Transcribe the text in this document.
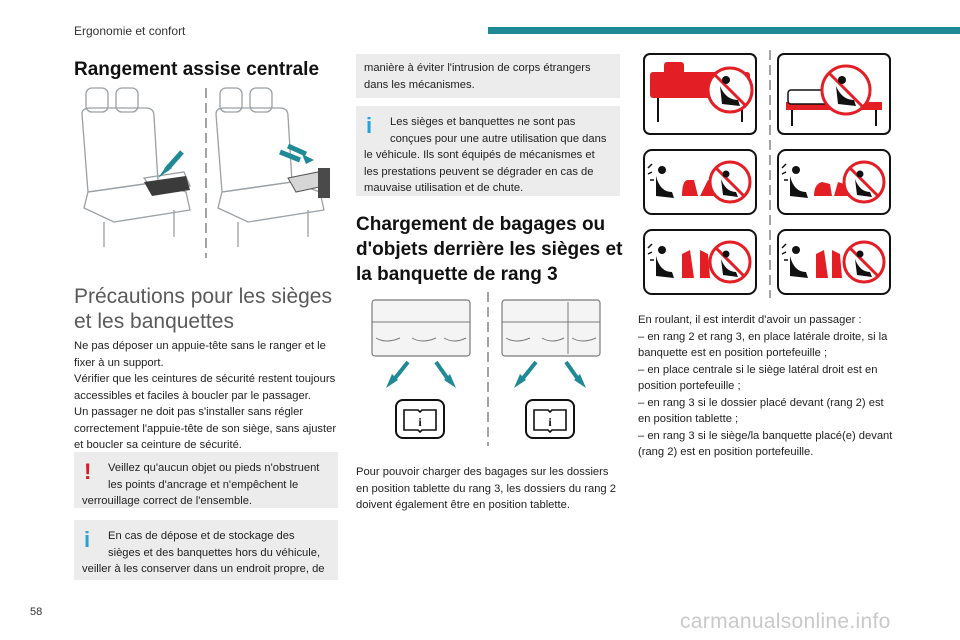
Ergonomie et confort
Rangement assise centrale
Précautions pour les sièges
et les banquettes
Ne pas déposer un appuie-tête sans le ranger et le
fixer à un support.
Vérifier que les ceintures de sécurité restent toujours
accessibles et faciles à boucler par le passager.
Un passager ne doit pas s'installer sans régler
correctement l'appuie-tête de son siège, sans ajuster
et boucler sa ceinture de sécurité.
!	Veillez qu'aucun objet ou pieds n'obstruent
les points d'ancrage et n'empêchent le
verrouillage correct de l'ensemble.
i	En cas de dépose et de stockage des
sièges et des banquettes hors du véhicule,
veiller à les conserver dans un endroit propre, de
manière à éviter l'intrusion de corps étrangers
dans les mécanismes.
i	Les sièges et banquettes ne sont pas
conçues pour une autre utilisation que dans
le véhicule. Ils sont équipés de mécanismes et
les prestations peuvent se dégrader en cas de
mauvaise utilisation et de chute.
Chargement de bagages ou
d'objets derrière les sièges et
la banquette de rang 3
i	i
Pour pouvoir charger des bagages sur les dossiers
en position tablette du rang 3, les dossiers du rang 2
doivent également être en position tablette.
En roulant, il est interdit d'avoir un passager :
– en rang 2 et rang 3, en place latérale droite, si la
banquette est en position portefeuille ;
– en place centrale si le siège latéral droit est en
position portefeuille ;
– en rang 3 si le dossier placé devant (rang 2) est
en position tablette ;
– en rang 3 si le siège/la banquette placé(e) devant
(rang 2) est en position portefeuille.
58	carmanualsonline.info
